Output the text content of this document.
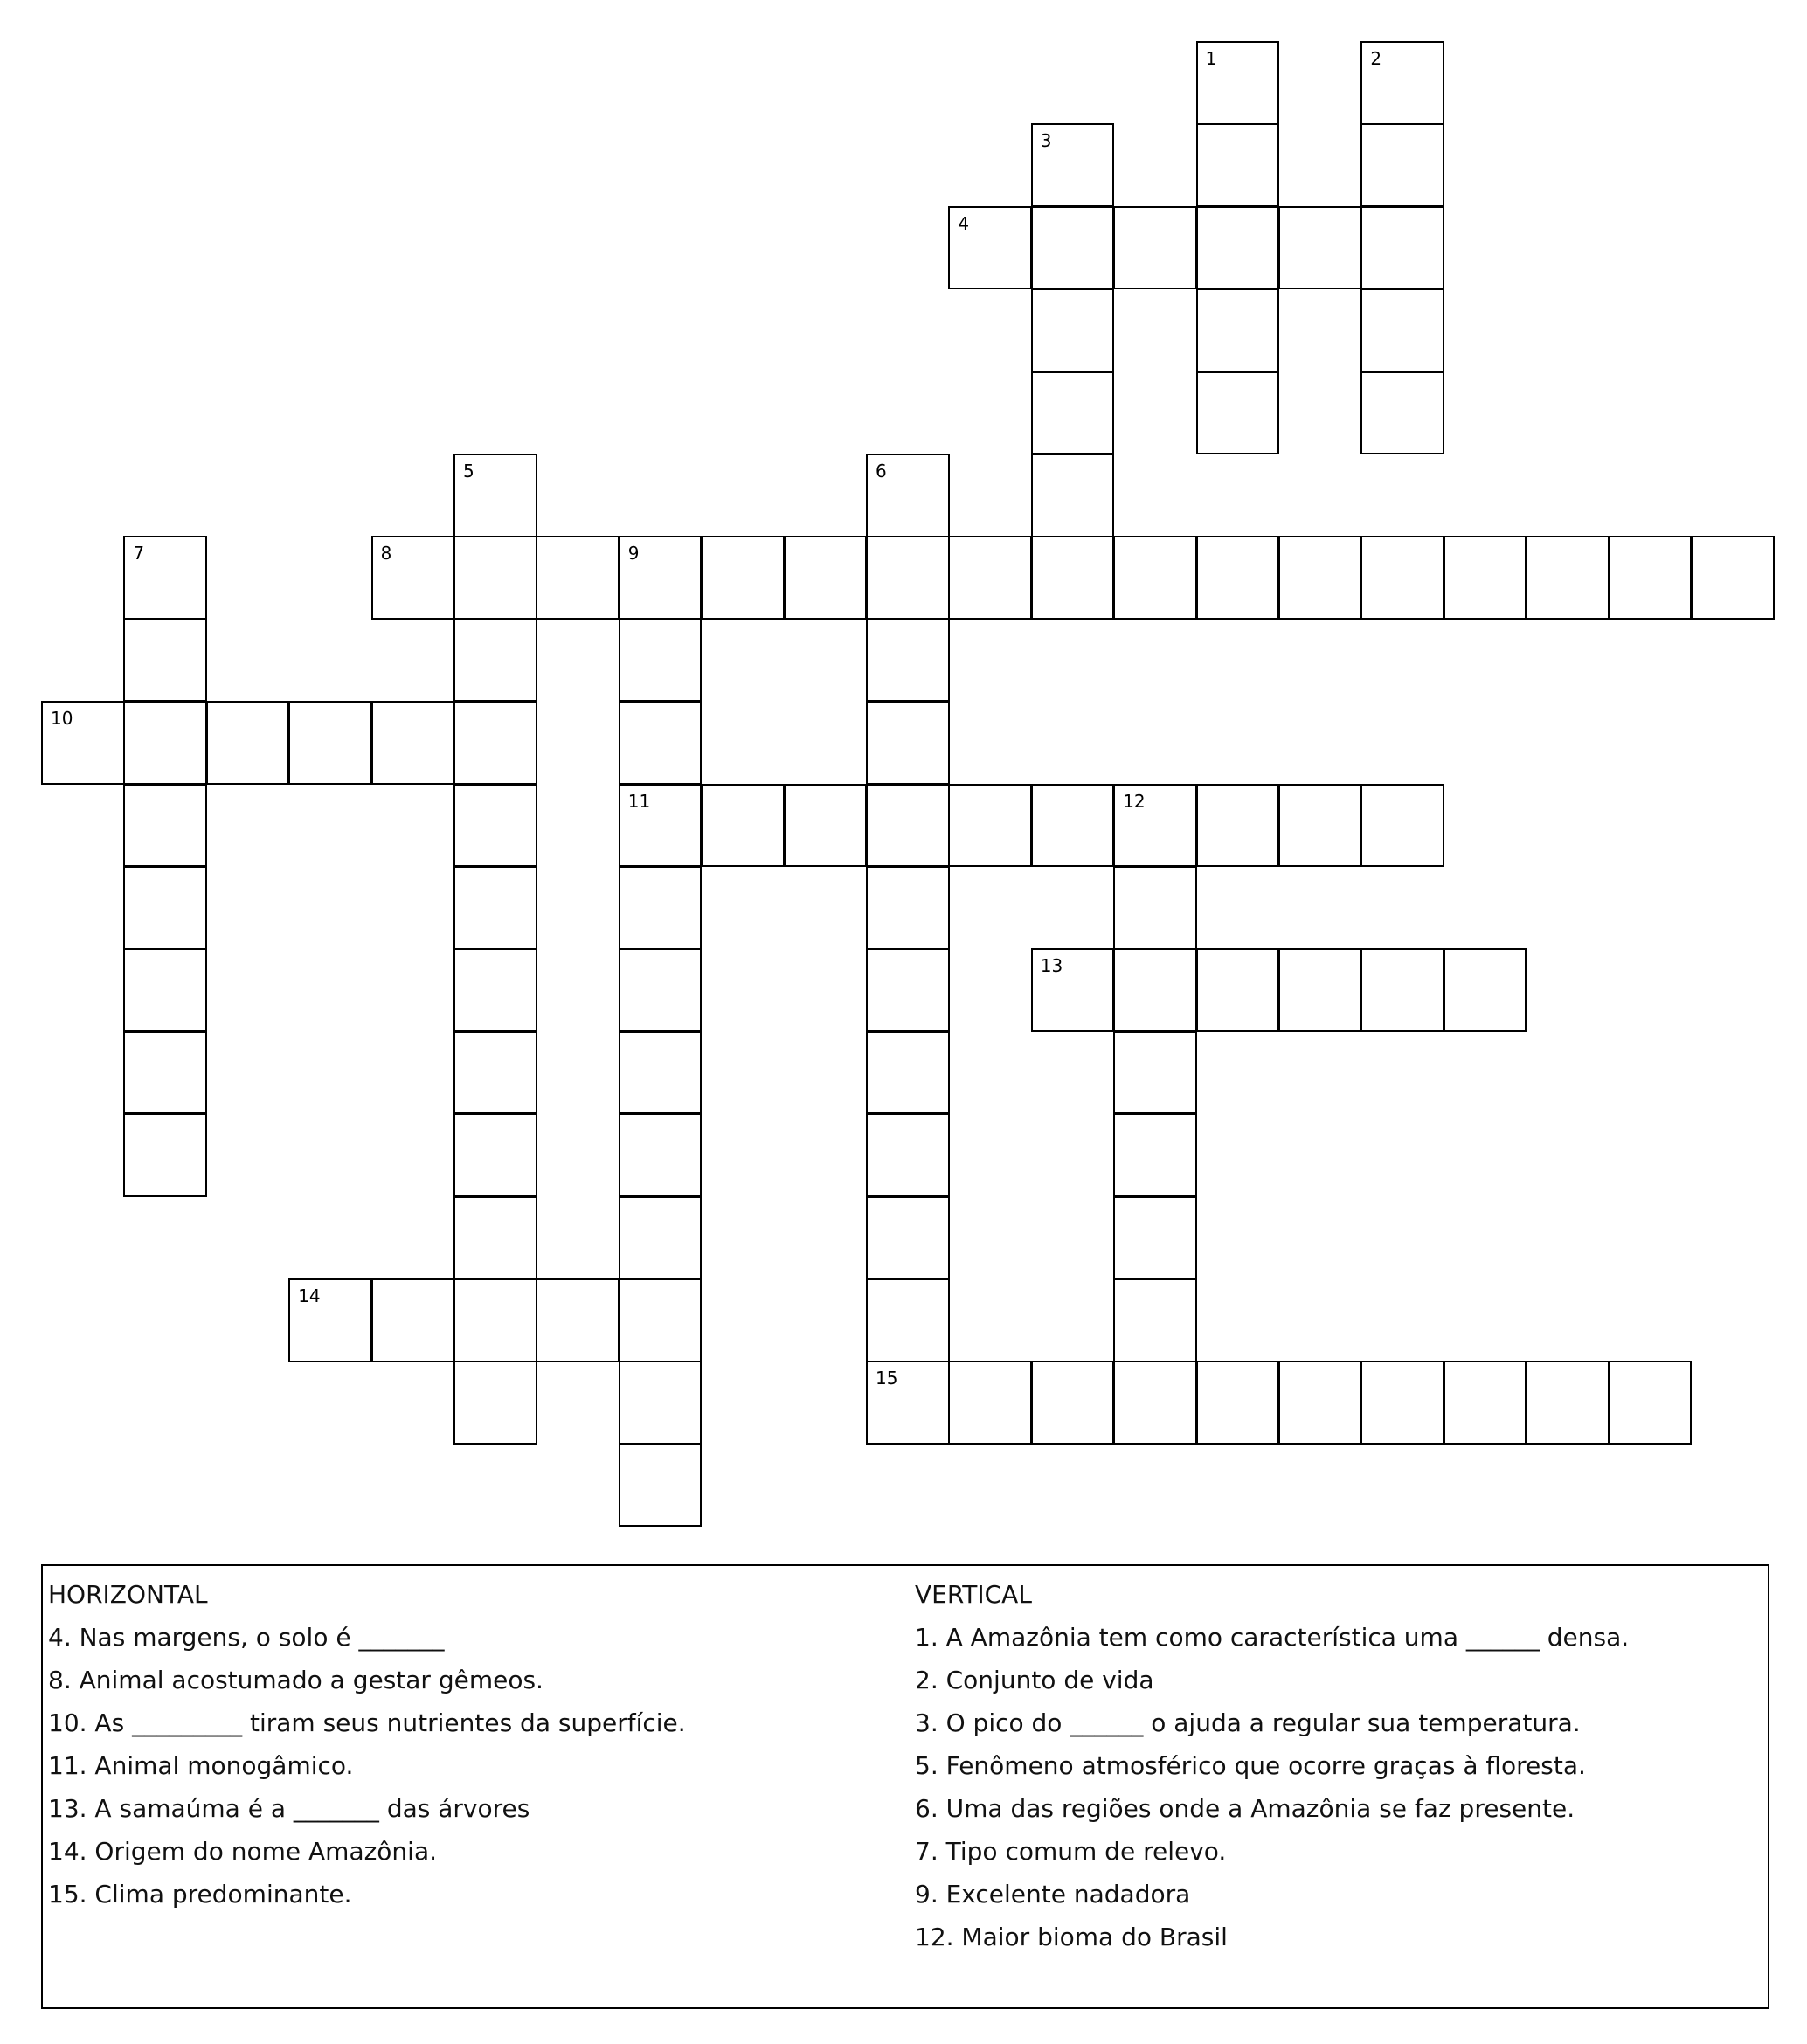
1	2
3
4
5	6
15
7	8	9
11
10
12
13
14
HORIZONTAL
4. Nas margens, o solo é _______
8. Animal acostumado a gestar gêmeos.
10. As _________ tiram seus nutrientes da superfície.
11. Animal monogâmico.
13. A samaúma é a _______ das árvores
14. Origem do nome Amazônia.
15. Clima predominante.
VERTICAL
1. A Amazônia tem como característica uma ______ densa.
2. Conjunto de vida
3. O pico do ______ o ajuda a regular sua temperatura.
5. Fenômeno atmosférico que ocorre graças à floresta.
6. Uma das regiões onde a Amazônia se faz presente.
7. Tipo comum de relevo.
9. Excelente nadadora
12. Maior bioma do Brasil
